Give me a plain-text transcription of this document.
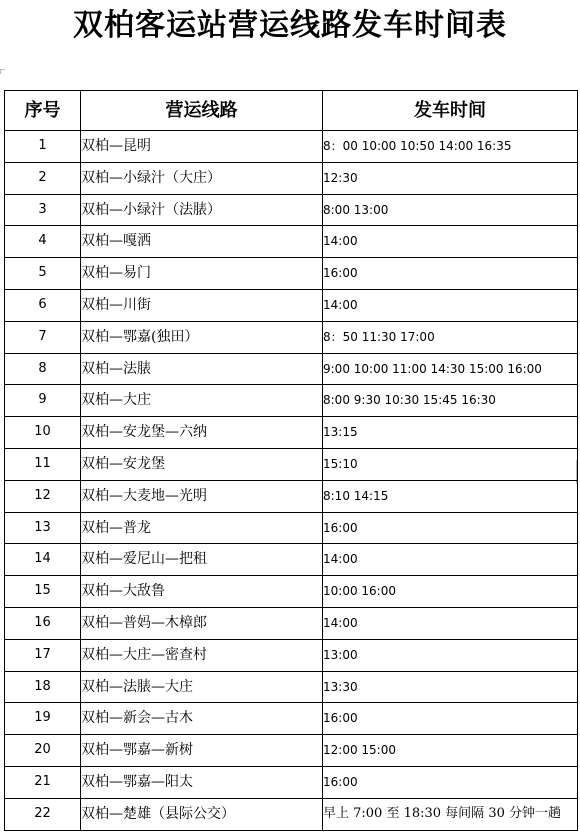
双柏客运站营运线路发车时间表
序号	营运线路	发车时间
1	双柏—昆明	8：00 10:00 10:50 14:00 16:35
2	双柏—小绿汁（大庄）	12:30
3	双柏—小绿汁（法脿）	8:00 13:00
4	双柏—嘎洒	14:00
5	双柏—易门	16:00
6	双柏—川街	14:00
7	双柏—鄂嘉(独田）	8：50 11:30 17:00
8	双柏—法脿	9:00 10:00 11:00 14:30 15:00 16:00
9	双柏—大庄	8:00 9:30 10:30 15:45 16:30
10	双柏—安龙堡—六纳	13:15
11	双柏—安龙堡	15:10
12	双柏—大麦地—光明	8:10 14:15
13	双柏—普龙	16:00
14	双柏—爱尼山—把租	14:00
15	双柏—大敌鲁	10:00 16:00
16	双柏—普妈—木樟郎	14:00
17	双柏—大庄—密查村	13:00
18	双柏—法脿—大庄	13:30
19	双柏—新会—古木	16:00
20	双柏—鄂嘉—新树	12:00 15:00
21	双柏—鄂嘉—阳太	16:00
22	双柏—楚雄（县际公交）	早上 7:00 至 18:30 每间隔 30 分钟一趟
